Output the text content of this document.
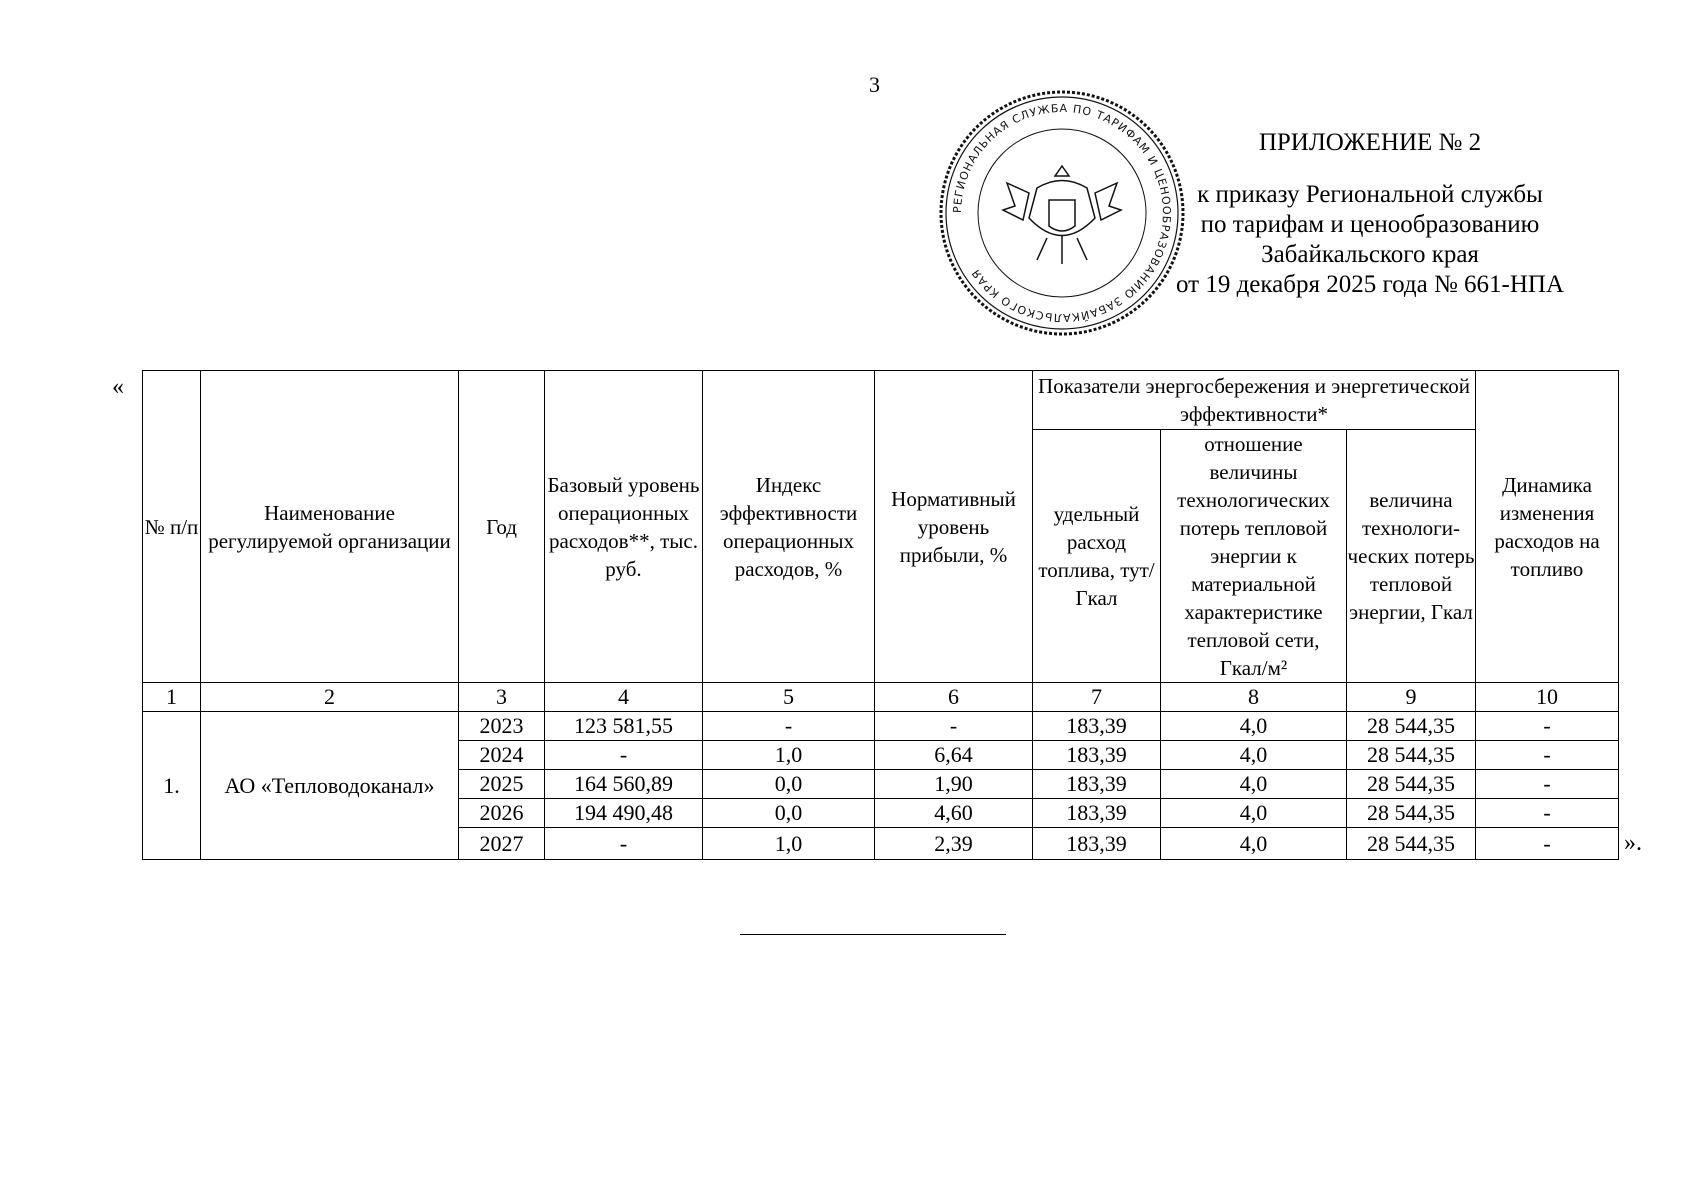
3
РЕГИОНАЛЬНАЯ СЛУЖБА ПО ТАРИФАМ И ЦЕНООБРАЗОВАНИЮ ЗАБАЙКАЛЬСКОГО КРАЯ
ПРИЛОЖЕНИЕ № 2
к приказу Региональной службы
по тарифам и ценообразованию
Забайкальского края
от 19 декабря 2025 года № 661-НПА
«
№ п/п	Наименование регулируемой организации	Год	Базовый уровень операционных расходов**, тыс. руб.	Индекс эффективности операционных расходов, %	Нормативный уровень прибыли, %	Показатели энергосбережения и энергетической эффективности*			Динамика изменения расходов на топливо
						удельный расход топлива, тут/Гкал	отношение величины технологических потерь тепловой энергии к материальной характеристике тепловой сети, Гкал/м²	величина технологи-ческих потерь тепловой энергии, Гкал	
1	2	3	4	5	6	7	8	9	10
1.	АО «Тепловодоканал»	2023	123 581,55	-	-	183,39	4,0	28 544,35	-
		2024	-	1,0	6,64	183,39	4,0	28 544,35	-
		2025	164 560,89	0,0	1,90	183,39	4,0	28 544,35	-
		2026	194 490,48	0,0	4,60	183,39	4,0	28 544,35	-
		2027	-	1,0	2,39	183,39	4,0	28 544,35	-	».
